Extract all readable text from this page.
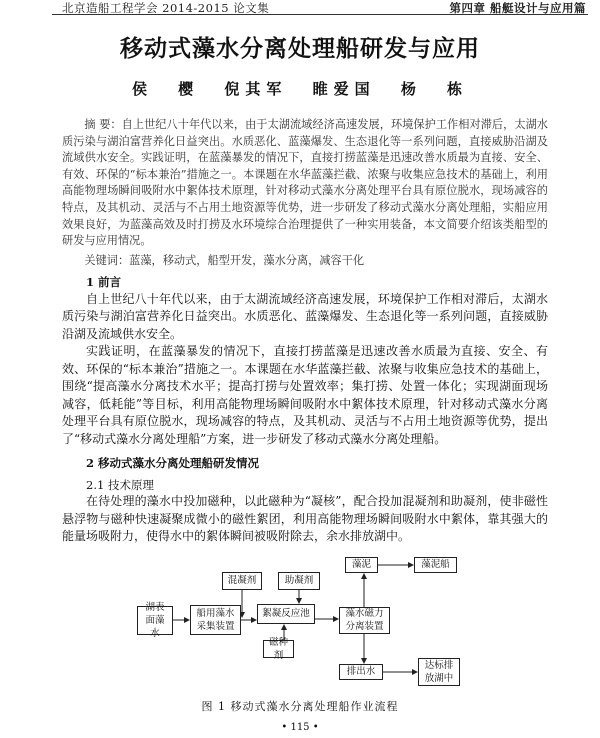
北京造船工程学会 2014-2015 论文集	第四章 船艇设计与应用篇
移动式藻水分离处理船研发与应用
侯 樱 倪其军 睢爱国 杨 栋

摘 要：自上世纪八十年代以来，由于太湖流域经济高速发展，环境保护工作相对滞后，太湖水质污染与湖泊富营养化日益突出。水质恶化、蓝藻爆发、生态退化等一系列问题，直接威胁沿湖及流域供水安全。实践证明，在蓝藻暴发的情况下，直接打捞蓝藻是迅速改善水质最为直接、安全、有效、环保的“标本兼治”措施之一。本课题在水华蓝藻拦截、浓聚与收集应急技术的基础上，利用高能物理场瞬间吸附水中絮体技术原理，针对移动式藻水分离处理平台具有原位脱水，现场减容的特点，及其机动、灵活与不占用土地资源等优势，进一步研发了移动式藻水分离处理船，实船应用效果良好，为蓝藻高效及时打捞及水环境综合治理提供了一种实用装备，本文简要介绍该类船型的研发与应用情况。

关键词：蓝藻，移动式，船型开发，藻水分离，减容干化
1 前言

自上世纪八十年代以来，由于太湖流域经济高速发展，环境保护工作相对滞后，太湖水质污染与湖泊富营养化日益突出。水质恶化、蓝藻爆发、生态退化等一系列问题，直接威胁沿湖及流域供水安全。

实践证明，在蓝藻暴发的情况下，直接打捞蓝藻是迅速改善水质最为直接、安全、有效、环保的“标本兼治”措施之一。本课题在水华蓝藻拦截、浓聚与收集应急技术的基础上，围绕“提高藻水分离技术水平；提高打捞与处置效率；集打捞、处置一体化；实现湖面现场减容，低耗能”等目标，利用高能物理场瞬间吸附水中絮体技术原理，针对移动式藻水分离处理平台具有原位脱水，现场减容的特点，及其机动、灵活与不占用土地资源等优势，提出了“移动式藻水分离处理船”方案，进一步研发了移动式藻水分离处理船。

2 移动式藻水分离处理船研发情况
2.1 技术原理

在待处理的藻水中投加磁种，以此磁种为“凝核”，配合投加混凝剂和助凝剂，使非磁性悬浮物与磁种快速凝聚成微小的磁性絮团，利用高能物理场瞬间吸附水中絮体，靠其强大的能量场吸附力，使得水中的絮体瞬间被吸附除去，余水排放湖中。

湖表面藻水
船用藻水采集装置
混凝剂	助凝剂
絮凝反应池
磁种剂
藻水磁力分离装置
藻泥	藻泥船
排出水
达标排放湖中
图 1 移动式藻水分离处理船作业流程
• 115 •
